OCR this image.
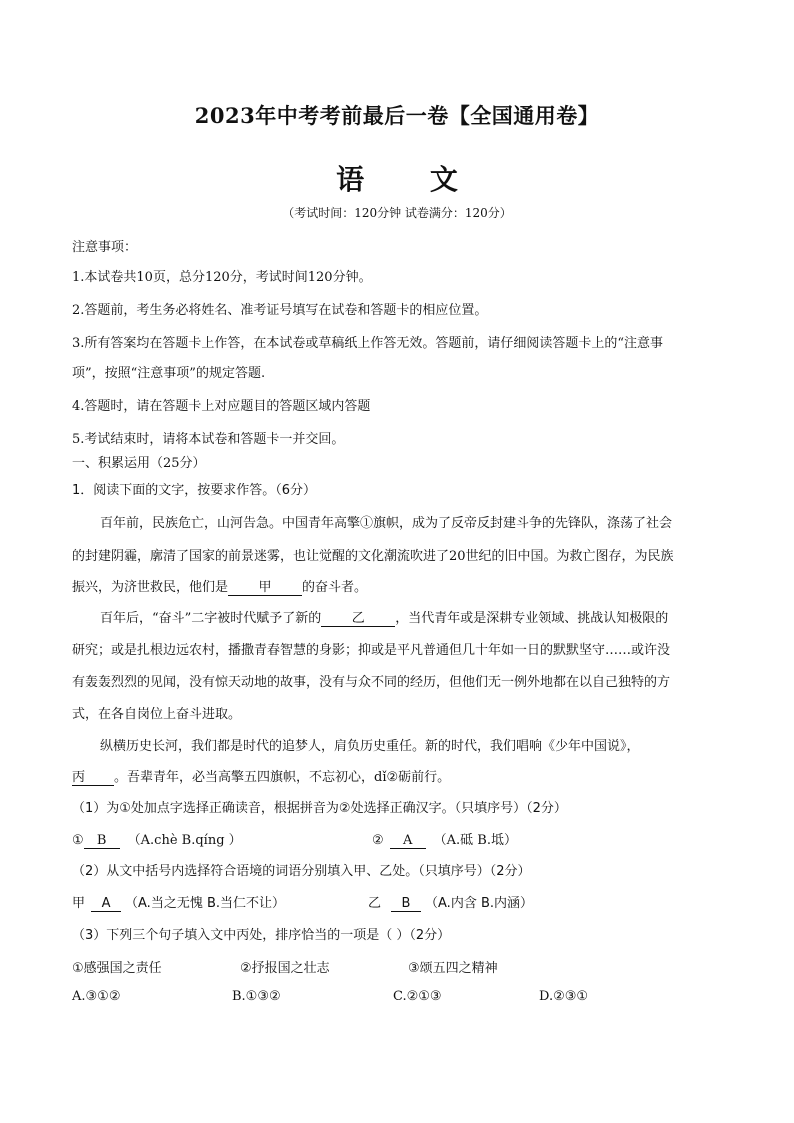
2023年中考考前最后一卷【全国通用卷】
语 文
（考试时间：120分钟 试卷满分：120分）
注意事项：
1.本试卷共10页，总分120分，考试时间120分钟。
2.答题前，考生务必将姓名、准考证号填写在试卷和答题卡的相应位置。
3.所有答案均在答题卡上作答，在本试卷或草稿纸上作答无效。答题前，请仔细阅读答题卡上的“注意事
项”，按照“注意事项”的规定答题.
4.答题时，请在答题卡上对应题目的答题区域内答题
5.考试结束时，请将本试卷和答题卡一并交回。
一、积累运用（25分）
1．阅读下面的文字，按要求作答。（6分）
百年前，民族危亡，山河告急。中国青年高擎①旗帜，成为了反帝反封建斗争的先锋队，涤荡了社会
的封建阴霾，廓清了国家的前景迷雾，也让觉醒的文化潮流吹进了20世纪的旧中国。为救亡图存，为民族
振兴，为济世救民，他们是 甲 的奋斗者。
百年后，“奋斗”二字被时代赋予了新的 乙 ，当代青年或是深耕专业领域、挑战认知极限的
研究；或是扎根边远农村，播撒青春智慧的身影；抑或是平凡普通但几十年如一日的默默坚守……或许没
有轰轰烈烈的见闻，没有惊天动地的故事，没有与众不同的经历，但他们无一例外地都在以自己独特的方
式，在各自岗位上奋斗进取。
纵横历史长河，我们都是时代的追梦人，肩负历史重任。新的时代，我们唱响《少年中国说》，
丙 。吾辈青年，必当高擎五四旗帜，不忘初心，dǐ②砺前行。
（1）为①处加点字选择正确读音，根据拼音为②处选择正确汉字。（只填序号）（2分）
① B （A.chè B.qíng ）	② A （A.砥 B.坻）
（2）从文中括号内选择符合语境的词语分别填入甲、乙处。（只填序号）（2分）
甲 A （A.当之无愧 B.当仁不让）	乙 B （A.内含 B.内涵）
（3）下列三个句子填入文中丙处，排序恰当的一项是（ ）（2分）
①感强国之责任	②抒报国之壮志	③颂五四之精神
A.③①②	B.①③②	C.②①③	D.②③①
